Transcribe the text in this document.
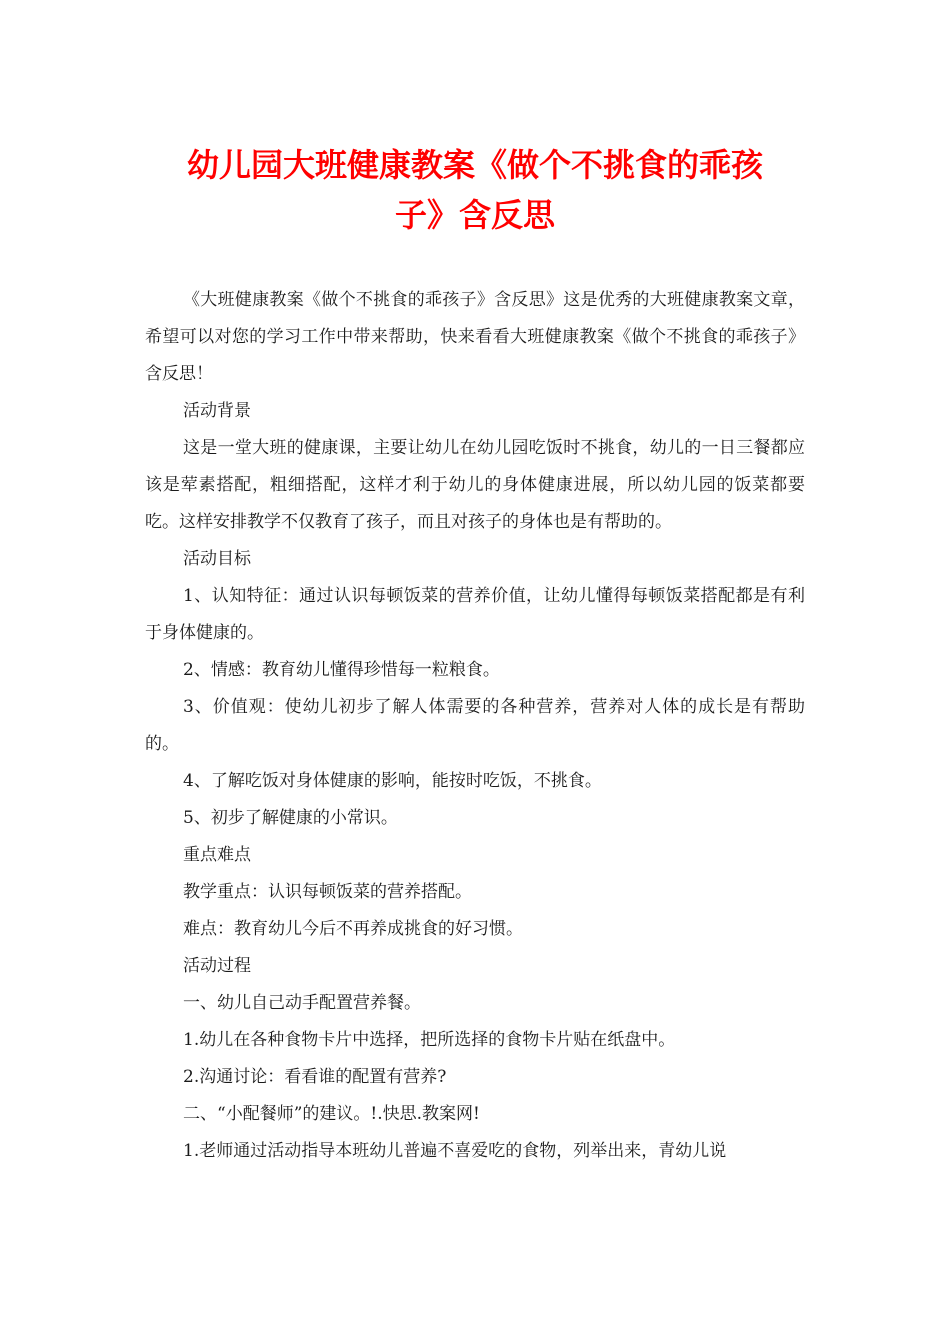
幼儿园大班健康教案《做个不挑食的乖孩
子》含反思

《大班健康教案《做个不挑食的乖孩子》含反思》这是优秀的大班健康教案文章，希望可以对您的学习工作中带来帮助，快来看看大班健康教案《做个不挑食的乖孩子》含反思！

活动背景

这是一堂大班的健康课，主要让幼儿在幼儿园吃饭时不挑食，幼儿的一日三餐都应该是荤素搭配，粗细搭配，这样才利于幼儿的身体健康进展，所以幼儿园的饭菜都要吃。这样安排教学不仅教育了孩子，而且对孩子的身体也是有帮助的。

活动目标

1、认知特征：通过认识每顿饭菜的营养价值，让幼儿懂得每顿饭菜搭配都是有利于身体健康的。

2、情感：教育幼儿懂得珍惜每一粒粮食。

3、价值观：使幼儿初步了解人体需要的各种营养，营养对人体的成长是有帮助的。

4、了解吃饭对身体健康的影响，能按时吃饭，不挑食。

5、初步了解健康的小常识。

重点难点

教学重点：认识每顿饭菜的营养搭配。

难点：教育幼儿今后不再养成挑食的好习惯。

活动过程

一、幼儿自己动手配置营养餐。

1.幼儿在各种食物卡片中选择，把所选择的食物卡片贴在纸盘中。

2.沟通讨论：看看谁的配置有营养?

二、“小配餐师”的建议。!.快思.教案网!

1.老师通过活动指导本班幼儿普遍不喜爱吃的食物，列举出来，青幼儿说
